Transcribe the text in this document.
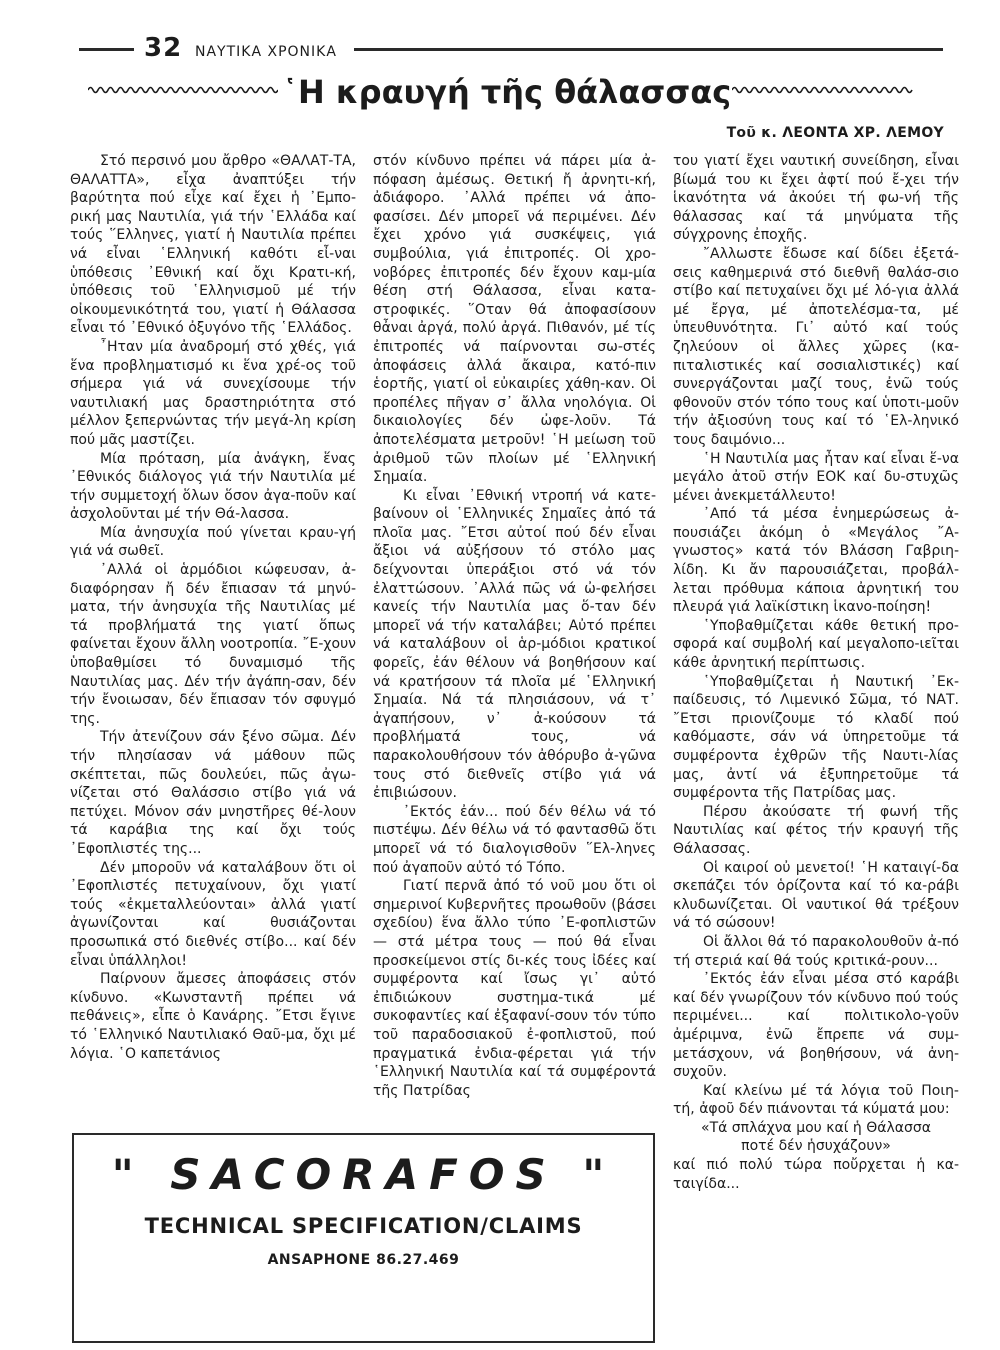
32 ΝΑΥΤΙΚΑ ΧΡΟΝΙΚΑ
῾Η κραυγή τῆς θάλασσας
Τοῦ κ. ΛΕΟΝΤΑ ΧΡ. ΛΕΜΟΥ

Στό περσινό μου ἄρθρο «ΘΑΛΑΤ-ΤΑ, ΘΑΛΑΤΤΑ», εἶχα ἀναπτύξει τήν βαρύτητα πού εἶχε καί ἔχει ἡ ᾿Εμπο-ρική μας Ναυτιλία, γιά τήν ῾Ελλάδα καί τούς ῞Ελληνες, γιατί ἡ Ναυτιλία πρέπει νά εἶναι ῾Ελληνική καθότι εἶ-ναι ὑπόθεσις ᾿Εθνική καί ὄχι Κρατι-κή, ὑπόθεσις τοῦ ῾Ελληνισμοῦ μέ τήν οἰκουμενικότητά του, γιατί ἡ Θάλασσα εἶναι τό ᾿Εθνικό ὀξυγόνο τῆς ῾Ελλάδος.

῏Ηταν μία ἀναδρομή στό χθές, γιά ἕνα προβληματισμό κι ἕνα χρέ-ος τοῦ σήμερα γιά νά συνεχίσουμε τήν ναυτιλιακή μας δραστηριότητα στό μέλλον ξεπερνώντας τήν μεγά-λη κρίση πού μᾶς μαστίζει.

Μία πρόταση, μία ἀνάγκη, ἕνας ᾿Εθνικός διάλογος γιά τήν Ναυτιλία μέ τήν συμμετοχή ὅλων ὅσον ἀγα-ποῦν καί ἀσχολοῦνται μέ τήν Θά-λασσα.

Μία ἀνησυχία πού γίνεται κραυ-γή γιά νά σωθεῖ.

᾿Αλλά οἱ ἁρμόδιοι κώφευσαν, ἀ-διαφόρησαν ἤ δέν ἔπιασαν τά μηνύ-ματα, τήν ἀνησυχία τῆς Ναυτιλίας μέ τά προβλήματά της γιατί ὅπως φαίνεται ἔχουν ἄλλη νοοτροπία. ῎Ε-χουν ὑποβαθμίσει τό δυναμισμό τῆς Ναυτιλίας μας. Δέν τήν ἀγάπη-σαν, δέν τήν ἔνοιωσαν, δέν ἔπιασαν τόν σφυγμό της.

Τήν ἀτενίζουν σάν ξένο σῶμα. Δέν τήν πλησίασαν νά μάθουν πῶς σκέπτεται, πῶς δουλεύει, πῶς ἀγω-νίζεται στό Θαλάσσιο στίβο γιά νά πετύχει. Μόνον σάν μνηστῆρες θέ-λουν τά καράβια της καί ὄχι τούς ᾿Εφοπλιστές της...

Δέν μποροῦν νά καταλάβουν ὅτι οἱ ᾿Εφοπλιστές πετυχαίνουν, ὄχι γιατί τούς «ἐκμεταλλεύονται» ἀλλά γιατί ἀγωνίζονται καί θυσιάζονται προσωπικά στό διεθνές στίβο... καί δέν εἶναι ὑπάλληλοι!

Παίρνουν ἄμεσες ἀποφάσεις στόν κίνδυνο. «Κωνσταντῆ πρέπει νά πεθάνεις», εἶπε ὁ Κανάρης. ῎Ετσι ἔγινε τό ῾Ελληνικό Ναυτιλιακό Θαῦ-μα, ὄχι μέ λόγια. ῾Ο καπετάνιος

στόν κίνδυνο πρέπει νά πάρει μία ἀ-πόφαση ἀμέσως. Θετική ἤ ἀρνητι-κή, ἀδιάφορο. ᾿Αλλά πρέπει νά ἀπο-φασίσει. Δέν μπορεῖ νά περιμένει. Δέν ἔχει χρόνο γιά συσκέψεις, γιά συμβούλια, γιά ἐπιτροπές. Οἱ χρο-νοβόρες ἐπιτροπές δέν ἔχουν καμ-μία θέση στή Θάλασσα, εἶναι κατα-στροφικές. ῞Οταν θά ἀποφασίσουν θἆναι ἀργά, πολύ ἀργά. Πιθανόν, μέ τίς ἐπιτροπές νά παίρνονται σω-στές ἀποφάσεις ἀλλά ἄκαιρα, κατό-πιν ἑορτῆς, γιατί οἱ εὐκαιρίες χάθη-καν. Οἱ προπέλες πῆγαν σ᾿ ἄλλα νηολόγια. Οἱ δικαιολογίες δέν ὠφε-λοῦν. Τά ἀποτελέσματα μετροῦν! ῾Η μείωση τοῦ ἀριθμοῦ τῶν πλοίων μέ ῾Ελληνική Σημαία.

Κι εἶναι ᾿Εθνική ντροπή νά κατε-βαίνουν οἱ ῾Ελληνικές Σημαῖες ἀπό τά πλοῖα μας. ῎Ετσι αὐτοί πού δέν εἶναι ἄξιοι νά αὐξήσουν τό στόλο μας δείχνονται ὑπεράξιοι στό νά τόν ἐλαττώσουν. ᾿Αλλά πῶς νά ὠ-φελήσει κανείς τήν Ναυτιλία μας ὅ-ταν δέν μπορεῖ νά τήν καταλάβει; Αὐτό πρέπει νά καταλάβουν οἱ ἁρ-μόδιοι κρατικοί φορεῖς, ἐάν θέλουν νά βοηθήσουν καί νά κρατήσουν τά πλοῖα μέ ῾Ελληνική Σημαία. Νά τά πλησιάσουν, νά τ᾿ ἀγαπήσουν, ν᾿ ἀ-κούσουν τά προβλήματά τους, νά παρακολουθήσουν τόν ἀθόρυβο ἀ-γῶνα τους στό διεθνεῖς στίβο γιά νά ἐπιβιώσουν.

᾿Εκτός ἐάν... πού δέν θέλω νά τό πιστέψω. Δέν θέλω νά τό φαντασθῶ ὅτι μπορεῖ νά τό διαλογισθοῦν ῞Ελ-ληνες πού ἀγαποῦν αὐτό τό Τόπο.

Γιατί περνᾶ ἀπό τό νοῦ μου ὅτι οἱ σημερινοί Κυβερνῆτες προωθοῦν (βάσει σχεδίου) ἕνα ἄλλο τύπο ᾿Ε-φοπλιστῶν — στά μέτρα τους — πού θά εἶναι προσκείμενοι στίς δι-κές τους ἰδέες καί συμφέροντα καί ἴσως γι᾿ αὐτό ἐπιδιώκουν συστημα-τικά μέ συκοφαντίες καί ἐξαφανί-σουν τόν τύπο τοῦ παραδοσιακοῦ ἐ-φοπλιστοῦ, πού πραγματικά ἐνδια-φέρεται γιά τήν ῾Ελληνική Ναυτιλία καί τά συμφέροντά τῆς Πατρίδας

του γιατί ἔχει ναυτική συνείδηση, εἶναι βίωμά του κι ἔχει ἀφτί πού ἔ-χει τήν ἱκανότητα νά ἀκούει τή φω-νή τῆς θάλασσας καί τά μηνύματα τῆς σύγχρονης ἐποχῆς.

῎Αλλωστε ἔδωσε καί δίδει ἐξετά-σεις καθημερινά στό διεθνῆ θαλάσ-σιο στίβο καί πετυχαίνει ὄχι μέ λό-για ἀλλά μέ ἔργα, μέ ἀποτελέσμα-τα, μέ ὑπευθυνότητα. Γι᾿ αὐτό καί τούς ζηλεύουν οἱ ἄλλες χῶρες (κα-πιταλιστικές καί σοσιαλιστικές) καί συνεργάζονται μαζί τους, ἐνῶ τούς φθονοῦν στόν τόπο τους καί ὑποτι-μοῦν τήν ἀξιοσύνη τους καί τό ῾Ελ-ληνικό τους δαιμόνιο...

῾Η Ναυτιλία μας ἦταν καί εἶναι ἕ-να μεγάλο ἀτοῦ στήν ΕΟΚ καί δυ-στυχῶς μένει ἀνεκμετάλλευτο!

᾿Από τά μέσα ἐνημερώσεως ἀ-πουσιάζει ἀκόμη ὁ «Μεγάλος ῎Α-γνωστος» κατά τόν Βλάσση Γαβριη-λίδη. Κι ἄν παρουσιάζεται, προβάλ-λεται πρόθυμα κάποια ἀρνητική του πλευρά γιά λαϊκίστικη ἱκανο-ποίηση!

῾Υποβαθμίζεται κάθε θετική προ-σφορά καί συμβολή καί μεγαλοπο-ιεῖται κάθε ἀρνητική περίπτωσις.

῾Υποβαθμίζεται ἡ Ναυτική ᾿Εκ-παίδευσις, τό Λιμενικό Σῶμα, τό ΝΑΤ. ῎Ετσι πριονίζουμε τό κλαδί πού καθόμαστε, σάν νά ὑπηρετοῦμε τά συμφέροντα ἐχθρῶν τῆς Ναυτι-λίας μας, ἀντί νά ἐξυπηρετοῦμε τά συμφέροντα τῆς Πατρίδας μας.

Πέρσυ ἀκούσατε τή φωνή τῆς Ναυτιλίας καί φέτος τήν κραυγή τῆς Θάλασσας.

Οἱ καιροί οὐ μενετοί! ῾Η καταιγί-δα σκεπάζει τόν ὁρίζοντα καί τό κα-ράβι κλυδωνίζεται. Οἱ ναυτικοί θά τρέξουν νά τό σώσουν!

Οἱ ἄλλοι θά τό παρακολουθοῦν ἀ-πό τή στεριά καί θά τούς κριτικά-ρουν...

᾿Εκτός ἐάν εἶναι μέσα στό καράβι καί δέν γνωρίζουν τόν κίνδυνο πού τούς περιμένει... καί πολιτικολο-γοῦν ἀμέριμνα, ἐνῶ ἔπρεπε νά συμ-μετάσχουν, νά βοηθήσουν, νά ἀνη-συχοῦν.

Καί κλείνω μέ τά λόγια τοῦ Ποιη-τή, ἀφοῦ δέν πιάνονται τά κύματά μου:

«Τά σπλάχνα μου καί ἡ Θάλασσα

ποτέ δέν ἡσυχάζουν»

καί πιό πολύ τώρα ποὔρχεται ἡ κα-ταιγίδα...

" SACORAFOS "
TECHNICAL SPECIFICATION/CLAIMS
ANSAPHONE 86.27.469
